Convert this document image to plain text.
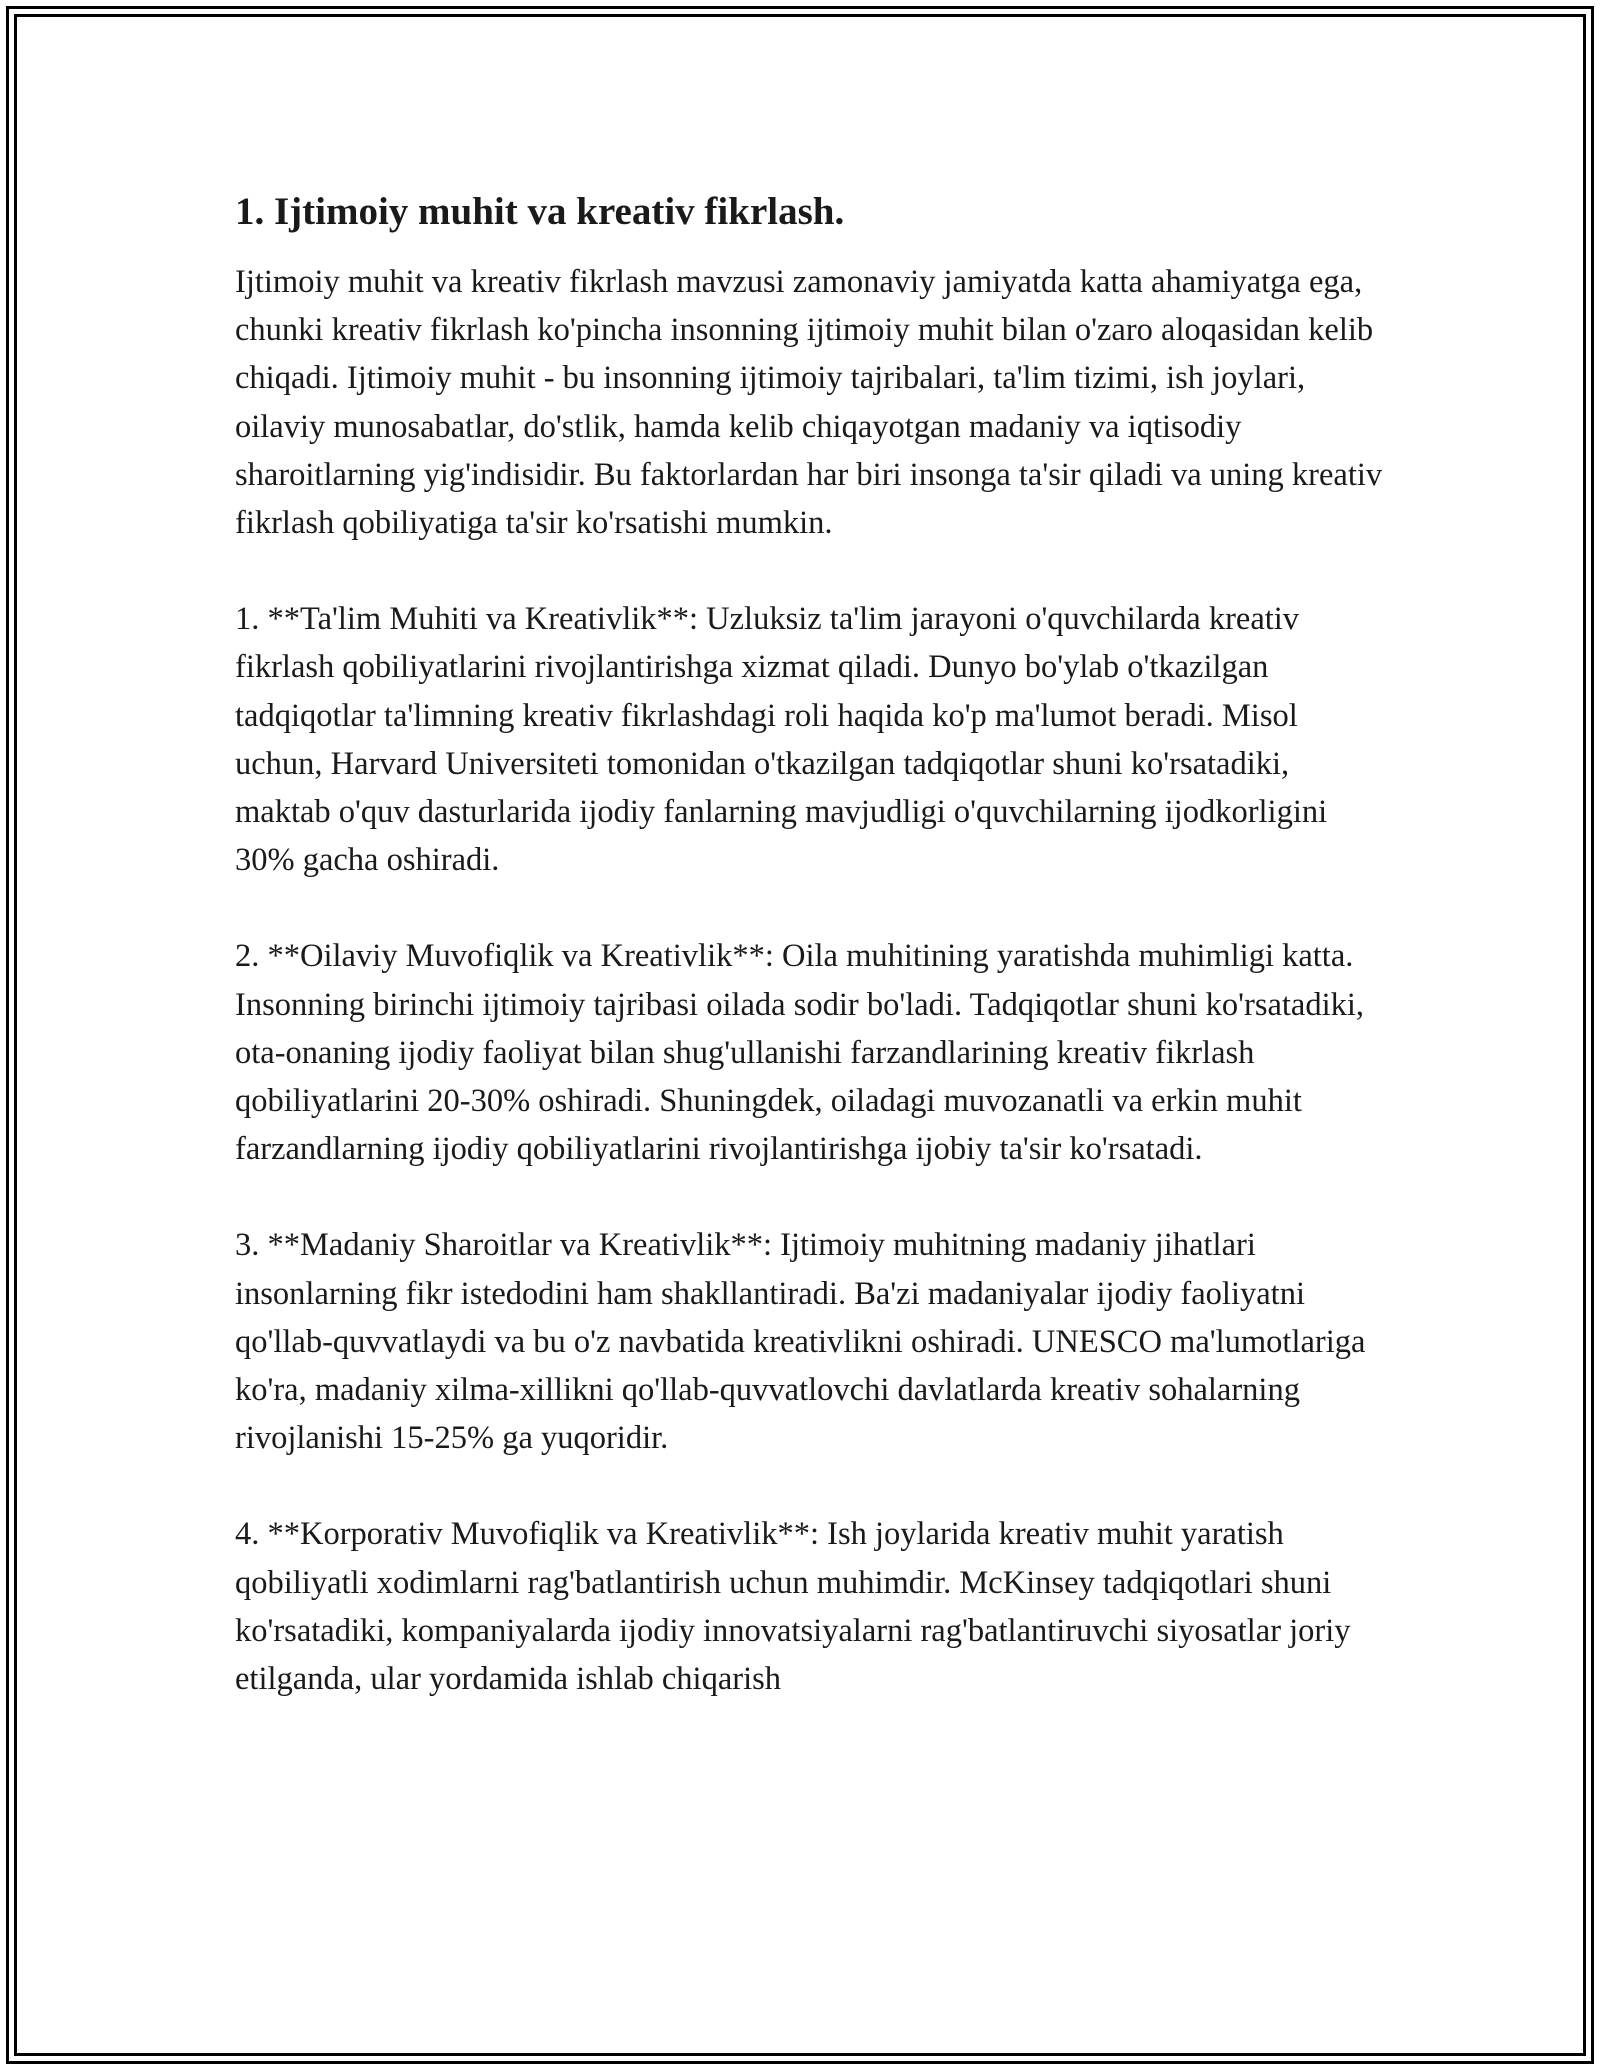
1. Ijtimoiy muhit va kreativ fikrlash.

Ijtimoiy muhit va kreativ fikrlash mavzusi zamonaviy jamiyatda katta ahamiyatga ega, chunki kreativ fikrlash ko'pincha insonning ijtimoiy muhit bilan o'zaro aloqasidan kelib chiqadi. Ijtimoiy muhit - bu insonning ijtimoiy tajribalari, ta'lim tizimi, ish joylari, oilaviy munosabatlar, do'stlik, hamda kelib chiqayotgan madaniy va iqtisodiy sharoitlarning yig'indisidir. Bu faktorlardan har biri insonga ta'sir qiladi va uning kreativ fikrlash qobiliyatiga ta'sir ko'rsatishi mumkin.

1. **Ta'lim Muhiti va Kreativlik**: Uzluksiz ta'lim jarayoni o'quvchilarda kreativ fikrlash qobiliyatlarini rivojlantirishga xizmat qiladi. Dunyo bo'ylab o'tkazilgan tadqiqotlar ta'limning kreativ fikrlashdagi roli haqida ko'p ma'lumot beradi. Misol uchun, Harvard Universiteti tomonidan o'tkazilgan tadqiqotlar shuni ko'rsatadiki, maktab o'quv dasturlarida ijodiy fanlarning mavjudligi o'quvchilarning ijodkorligini 30% gacha oshiradi.

2. **Oilaviy Muvofiqlik va Kreativlik**: Oila muhitining yaratishda muhimligi katta. Insonning birinchi ijtimoiy tajribasi oilada sodir bo'ladi. Tadqiqotlar shuni ko'rsatadiki, ota-onaning ijodiy faoliyat bilan shug'ullanishi farzandlarining kreativ fikrlash qobiliyatlarini 20-30% oshiradi. Shuningdek, oiladagi muvozanatli va erkin muhit farzandlarning ijodiy qobiliyatlarini rivojlantirishga ijobiy ta'sir ko'rsatadi.

3. **Madaniy Sharoitlar va Kreativlik**: Ijtimoiy muhitning madaniy jihatlari insonlarning fikr istedodini ham shakllantiradi. Ba'zi madaniyalar ijodiy faoliyatni qo'llab-quvvatlaydi va bu o'z navbatida kreativlikni oshiradi. UNESCO ma'lumotlariga ko'ra, madaniy xilma-xillikni qo'llab-quvvatlovchi davlatlarda kreativ sohalarning rivojlanishi 15-25% ga yuqoridir.

4. **Korporativ Muvofiqlik va Kreativlik**: Ish joylarida kreativ muhit yaratish qobiliyatli xodimlarni rag'batlantirish uchun muhimdir. McKinsey tadqiqotlari shuni ko'rsatadiki, kompaniyalarda ijodiy innovatsiyalarni rag'batlantiruvchi siyosatlar joriy etilganda, ular yordamida ishlab chiqarish
